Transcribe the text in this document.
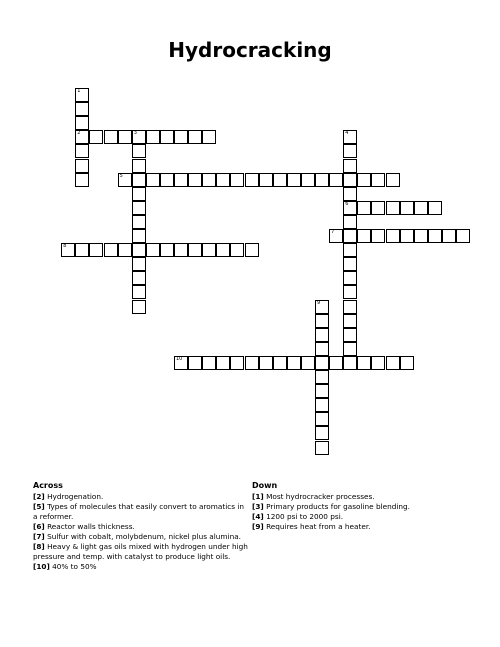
Hydrocracking
1
2	3	4
6
5
7
8
9
10
Across
[2] Hydrogenation.
[5] Types of molecules that easily convert to aromatics in a reformer.
[6] Reactor walls thickness.
[7] Sulfur with cobalt, molybdenum, nickel plus alumina.
[8] Heavy & light gas oils mixed with hydrogen under high pressure and temp. with catalyst to produce light oils.
[10] 40% to 50%
Down
[1] Most hydrocracker processes.
[3] Primary products for gasoline blending.
[4] 1200 psi to 2000 psi.
[9] Requires heat from a heater.
